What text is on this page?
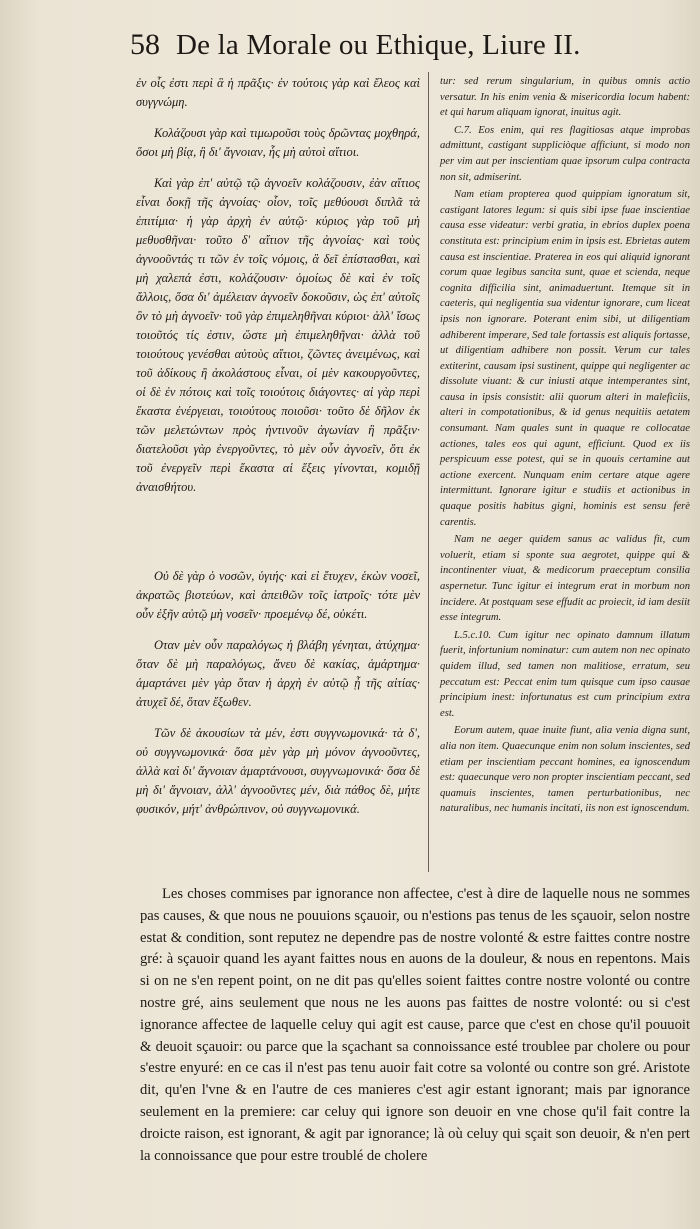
58 De la Morale ou Ethique, Liure II.

ἐν οἷς ἐστι περὶ ἃ ἡ πρᾶξις· ἐν τούτοις γὰρ καὶ ἔλεος καὶ συγγνώμη.

Κολάζουσι γὰρ καὶ τιμωροῦσι τοὺς δρῶντας μοχθηρά, ὅσοι μὴ βίᾳ, ἢ δι' ἄγνοιαν, ἧς μὴ αὐτοὶ αἴτιοι.

Καὶ γὰρ ἐπ' αὐτῷ τῷ ἀγνοεῖν κολάζουσιν, ἐὰν αἴτιος εἶναι δοκῇ τῆς ἀγνοίας· οἷον, τοῖς μεθύουσι διπλᾶ τὰ ἐπιτίμια· ἡ γὰρ ἀρχὴ ἐν αὐτῷ· κύριος γὰρ τοῦ μὴ μεθυσθῆναι· τοῦτο δ' αἴτιον τῆς ἀγνοίας· καὶ τοὺς ἀγνοοῦντάς τι τῶν ἐν τοῖς νόμοις, ἃ δεῖ ἐπίστασθαι, καὶ μὴ χαλεπά ἐστι, κολάζουσιν· ὁμοίως δὲ καὶ ἐν τοῖς ἄλλοις, ὅσα δι' ἀμέλειαν ἀγνοεῖν δοκοῦσιν, ὡς ἐπ' αὐτοῖς ὂν τὸ μὴ ἀγνοεῖν· τοῦ γὰρ ἐπιμεληθῆναι κύριοι· ἀλλ' ἴσως τοιοῦτός τίς ἐστιν, ὥστε μὴ ἐπιμεληθῆναι· ἀλλὰ τοῦ τοιούτους γενέσθαι αὐτοὺς αἴτιοι, ζῶντες ἀνειμένως, καὶ τοῦ ἀδίκους ἢ ἀκολάστους εἶναι, οἱ μὲν κακουργοῦντες, οἱ δὲ ἐν πότοις καὶ τοῖς τοιούτοις διάγοντες· αἱ γὰρ περὶ ἕκαστα ἐνέργειαι, τοιούτους ποιοῦσι· τοῦτο δὲ δῆλον ἐκ τῶν μελετώντων πρὸς ἡντινοῦν ἀγωνίαν ἢ πρᾶξιν· διατελοῦσι γὰρ ἐνεργοῦντες, τὸ μὲν οὖν ἀγνοεῖν, ὅτι ἐκ τοῦ ἐνεργεῖν περὶ ἕκαστα αἱ ἕξεις γίνονται, κομιδῇ ἀναισθήτου.

Οὐ δὲ γὰρ ὁ νοσῶν, ὑγιής· καὶ εἰ ἔτυχεν, ἑκὼν νοσεῖ, ἀκρατῶς βιοτεύων, καὶ ἀπειθῶν τοῖς ἰατροῖς· τότε μὲν οὖν ἐξῆν αὐτῷ μὴ νοσεῖν· προεμένῳ δέ, οὐκέτι.

Οταν μὲν οὖν παραλόγως ἡ βλάβη γένηται, ἀτύχημα· ὅταν δὲ μὴ παραλόγως, ἄνευ δὲ κακίας, ἁμάρτημα· ἁμαρτάνει μὲν γὰρ ὅταν ἡ ἀρχὴ ἐν αὐτῷ ᾖ τῆς αἰτίας· ἀτυχεῖ δέ, ὅταν ἔξωθεν.

Τῶν δὲ ἀκουσίων τὰ μέν, ἐστι συγγνωμονικά· τὰ δ', οὐ συγγνωμονικά· ὅσα μὲν γὰρ μὴ μόνον ἀγνοοῦντες, ἀλλὰ καὶ δι' ἄγνοιαν ἁμαρτάνουσι, συγγνωμονικά· ὅσα δὲ μὴ δι' ἄγνοιαν, ἀλλ' ἀγνοοῦντες μέν, διὰ πάθος δὲ, μήτε φυσικόν, μήτ' ἀνθρώπινον, οὐ συγγνωμονικά.

tur: sed rerum singularium, in quibus omnis actio versatur. In his enim venia & misericordia locum habent: et qui harum aliquam ignorat, inuitus agit.

C.7. Eos enim, qui res flagitiosas atque improbas admittunt, castigant suppliciòque afficiunt, si modo non per vim aut per inscientiam quae ipsorum culpa contracta non sit, admiserint.

Nam etiam propterea quod quippiam ignoratum sit, castigant latores legum: si quis sibi ipse fuae inscientiae causa esse videatur: verbi gratia, in ebrios duplex poena constituta est: principium enim in ipsis est. Ebrietas autem causa est inscientiae. Praterea in eos qui aliquid ignorant corum quae legibus sancita sunt, quae et scienda, neque cognita difficilia sint, animaduertunt. Itemque sit in caeteris, qui negligentia sua videntur ignorare, cum liceat ipsis non ignorare. Poterant enim sibi, ut diligentiam adhiberent imperare, Sed tale fortassis est aliquis fortasse, ut diligentiam adhibere non possit. Verum cur tales extiterint, causam ipsi sustinent, quippe qui negligenter ac dissolute viuant: & cur iniusti atque intemperantes sint, causa in ipsis consistit: alii quorum alteri in maleficiis, alteri in compotationibus, & id genus nequitiis aetatem consumant. Nam quales sunt in quaque re collocatae actiones, tales eos qui agunt, efficiunt. Quod ex iis perspicuum esse potest, qui se in quouis certamine aut actione exercent. Nunquam enim certare atque agere intermittunt. Ignorare igitur e studiis et actionibus in quaque positis habitus gigni, hominis est sensu ferè carentis.

Nam ne aeger quidem sanus ac validus fit, cum voluerit, etiam si sponte sua aegrotet, quippe qui & incontinenter viuat, & medicorum praeceptum consilia aspernetur. Tunc igitur ei integrum erat in morbum non incidere. At postquam sese effudit ac proiecit, id iam desiit esse integrum.

L.5.c.10. Cum igitur nec opinato damnum illatum fuerit, infortunium nominatur: cum autem non nec opinato quidem illud, sed tamen non malitiose, erratum, seu peccatum est: Peccat enim tum quisque cum ipso causae principium inest: infortunatus est cum principium extra est.

Eorum autem, quae inuite fiunt, alia venia digna sunt, alia non item. Quaecunque enim non solum inscientes, sed etiam per inscientiam peccant homines, ea ignoscendum est: quaecunque vero non propter inscientiam peccant, sed quamuis inscientes, tamen perturbationibus, nec naturalibus, nec humanis incitati, iis non est ignoscendum.

Les choses commises par ignorance non affectee, c'est à dire de laquelle nous ne sommes pas causes, & que nous ne pouuions sçauoir, ou n'estions pas tenus de les sçauoir, selon nostre estat & condition, sont reputez ne dependre pas de nostre volonté & estre faittes contre nostre gré: à sçauoir quand les ayant faittes nous en auons de la douleur, & nous en repentons. Mais si on ne s'en repent point, on ne dit pas qu'elles soient faittes contre nostre volonté ou contre nostre gré, ains seulement que nous ne les auons pas faittes de nostre volonté: ou si c'est ignorance affectee de laquelle celuy qui agit est cause, parce que c'est en chose qu'il pouuoit & deuoit sçauoir: ou parce que la sçachant sa connoissance esté troublee par cholere ou pour s'estre enyuré: en ce cas il n'est pas tenu auoir fait cotre sa volonté ou contre son gré. Aristote dit, qu'en l'vne & en l'autre de ces manieres c'est agir estant ignorant; mais par ignorance seulement en la premiere: car celuy qui ignore son deuoir en vne chose qu'il fait contre la droicte raison, est ignorant, & agit par ignorance; là où celuy qui sçait son deuoir, & n'en pert la connoissance que pour estre troublé de cholere
